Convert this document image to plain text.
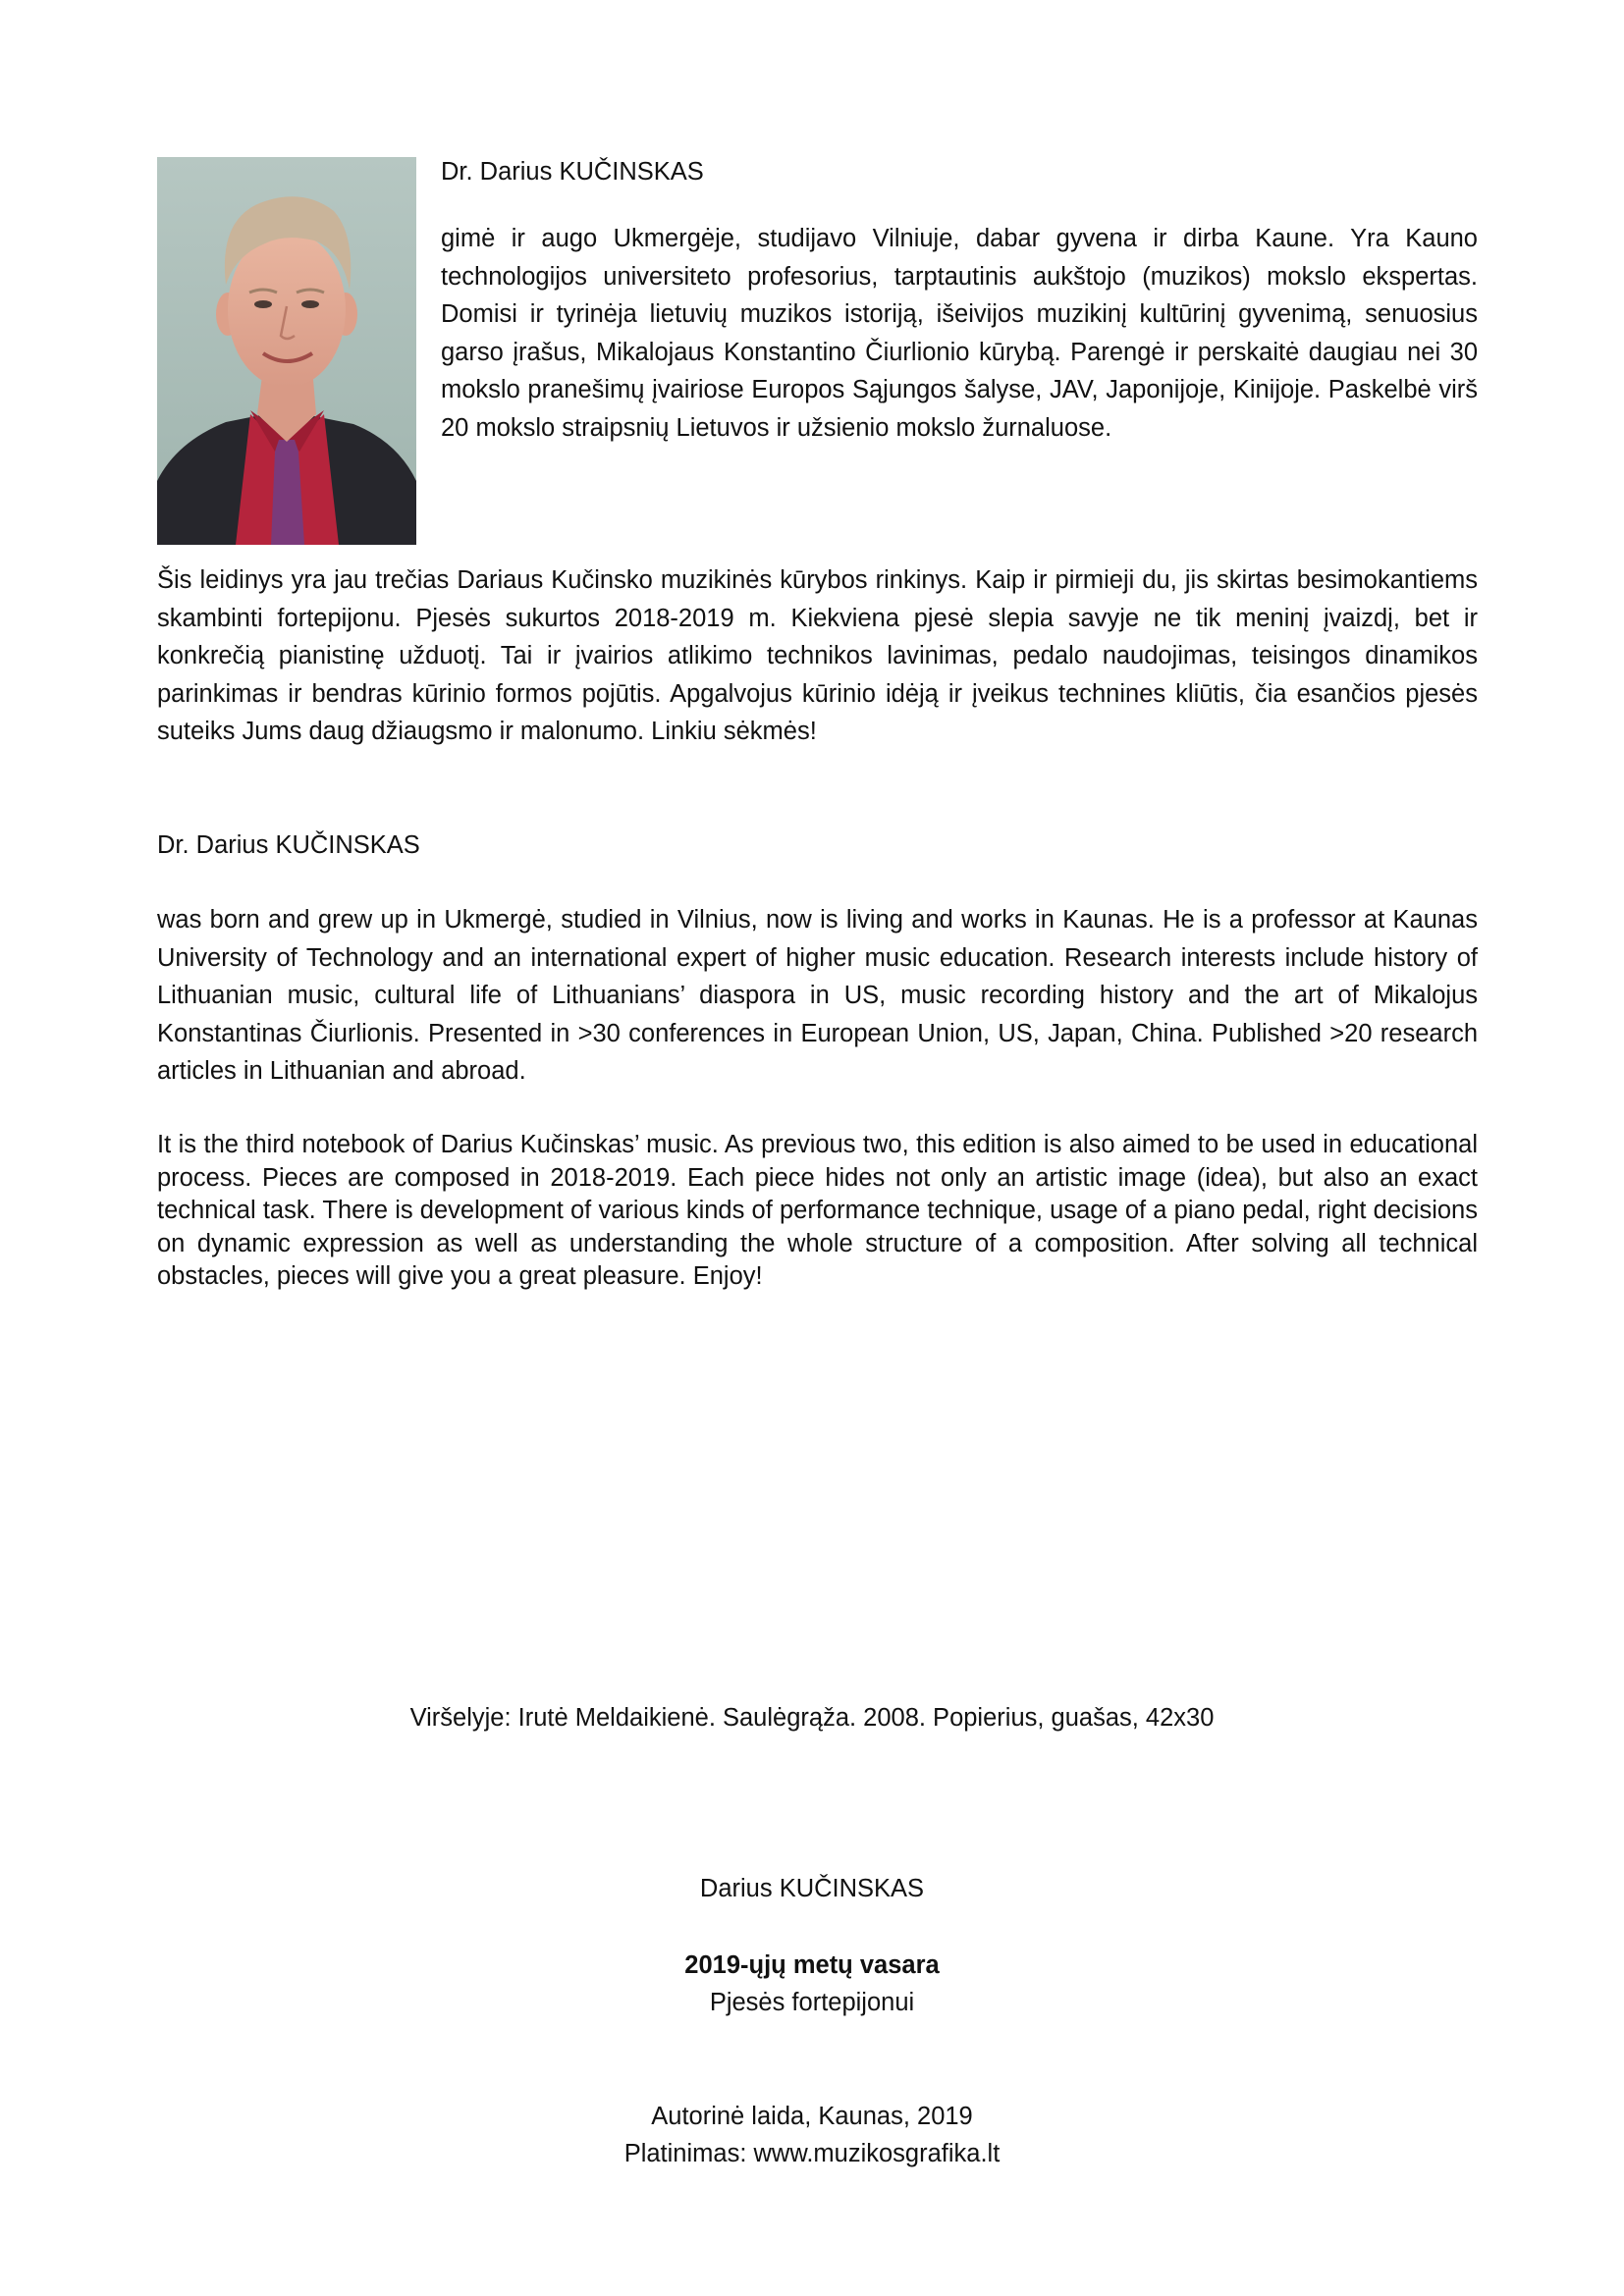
Dr. Darius KUČINSKAS

gimė ir augo Ukmergėje, studijavo Vilniuje, dabar gyvena ir dirba Kaune. Yra Kauno technologijos universiteto profesorius, tarptautinis aukštojo (muzikos) mokslo ekspertas. Domisi ir tyrinėja lietuvių muzikos istoriją, išeivijos muzikinį kultūrinį gyvenimą, senuosius garso įrašus, Mikalojaus Konstantino Čiurlionio kūrybą. Parengė ir perskaitė daugiau nei 30 mokslo pranešimų įvairiose Europos Sąjungos šalyse, JAV, Japonijoje, Kinijoje. Paskelbė virš 20 mokslo straipsnių Lietuvos ir užsienio mokslo žurnaluose.

Šis leidinys yra jau trečias Dariaus Kučinsko muzikinės kūrybos rinkinys. Kaip ir pirmieji du, jis skirtas besimokantiems skambinti fortepijonu. Pjesės sukurtos 2018-2019 m. Kiekviena pjesė slepia savyje ne tik meninį įvaizdį, bet ir konkrečią pianistinę užduotį. Tai ir įvairios atlikimo technikos lavinimas, pedalo naudojimas, teisingos dinamikos parinkimas ir bendras kūrinio formos pojūtis. Apgalvojus kūrinio idėją ir įveikus technines kliūtis, čia esančios pjesės suteiks Jums daug džiaugsmo ir malonumo. Linkiu sėkmės!

Dr. Darius KUČINSKAS

was born and grew up in Ukmergė, studied in Vilnius, now is living and works in Kaunas. He is a professor at Kaunas University of Technology and an international expert of higher music education. Research interests include history of Lithuanian music, cultural life of Lithuanians’ diaspora in US, music recording history and the art of Mikalojus Konstantinas Čiurlionis. Presented in >30 conferences in European Union, US, Japan, China. Published >20 research articles in Lithuanian and abroad.

It is the third notebook of Darius Kučinskas’ music. As previous two, this edition is also aimed to be used in educational process. Pieces are composed in 2018-2019. Each piece hides not only an artistic image (idea), but also an exact technical task. There is development of various kinds of performance technique, usage of a piano pedal, right decisions on dynamic expression as well as understanding the whole structure of a composition. After solving all technical obstacles, pieces will give you a great pleasure. Enjoy!

Viršelyje: Irutė Meldaikienė. Saulėgrąža. 2008. Popierius, guašas, 42x30

Darius KUČINSKAS

2019-ųjų metų vasara

Pjesės fortepijonui

Autorinė laida, Kaunas, 2019

Platinimas: www.muzikosgrafika.lt
